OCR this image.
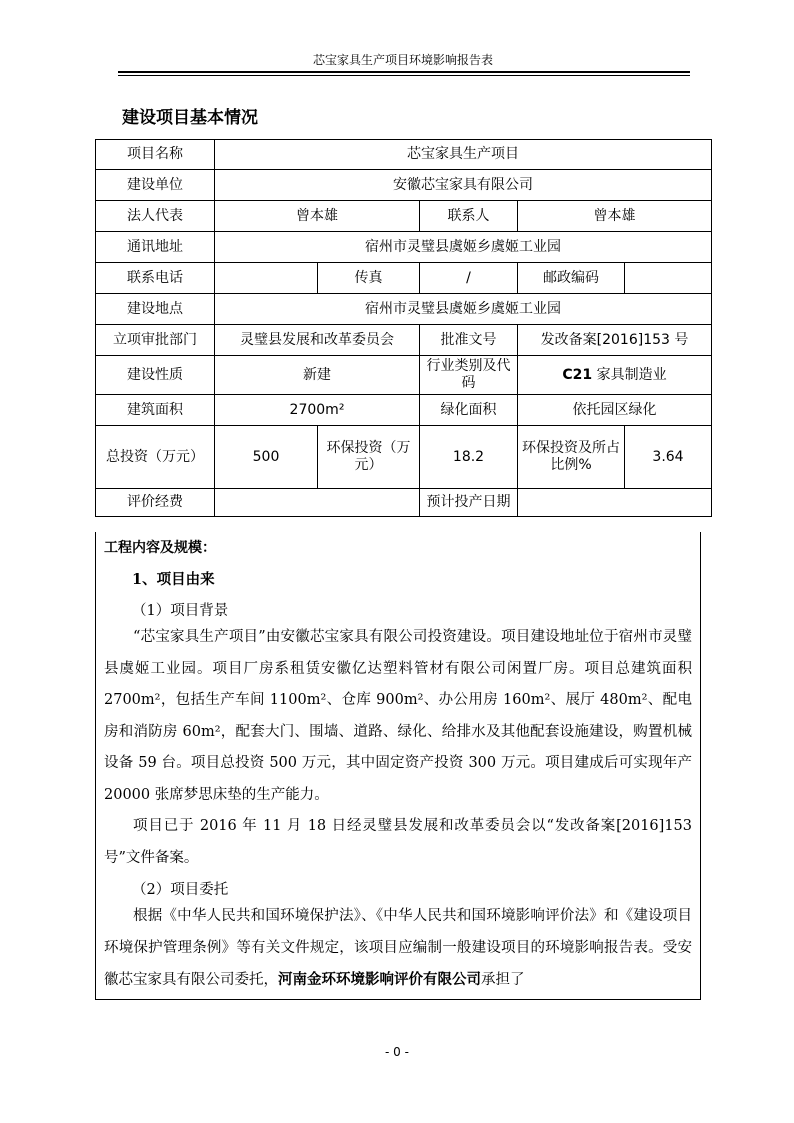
芯宝家具生产项目环境影响报告表
建设项目基本情况
项目名称	芯宝家具生产项目				
建设单位	安徽芯宝家具有限公司				
法人代表	曾本雄		联系人	曾本雄	
通讯地址	宿州市灵璧县虞姬乡虞姬工业园				
联系电话		传真	/	邮政编码	
建设地点	宿州市灵璧县虞姬乡虞姬工业园				
立项审批部门	灵璧县发展和改革委员会		批准文号	发改备案[2016]153 号	
建设性质	新建		行业类别及代码	C21 家具制造业	
建筑面积	2700m²		绿化面积	依托园区绿化	
总投资（万元）	500	环保投资（万元）	18.2	环保投资及所占比例%	3.64
评价经费			预计投产日期		
工程内容及规模：
1、项目由来
（1）项目背景

“芯宝家具生产项目”由安徽芯宝家具有限公司投资建设。项目建设地址位于宿州市灵璧县虞姬工业园。项目厂房系租赁安徽亿达塑料管材有限公司闲置厂房。项目总建筑面积 2700m²，包括生产车间 1100m²、仓库 900m²、办公用房 160m²、展厅 480m²、配电房和消防房 60m²，配套大门、围墙、道路、绿化、给排水及其他配套设施建设，购置机械设备 59 台。项目总投资 500 万元，其中固定资产投资 300 万元。项目建成后可实现年产 20000 张席梦思床垫的生产能力。

项目已于 2016 年 11 月 18 日经灵璧县发展和改革委员会以“发改备案[2016]153 号”文件备案。

（2）项目委托

根据《中华人民共和国环境保护法》、《中华人民共和国环境影响评价法》和《建设项目环境保护管理条例》等有关文件规定，该项目应编制一般建设项目的环境影响报告表。受安徽芯宝家具有限公司委托，河南金环环境影响评价有限公司承担了

- 0 -
